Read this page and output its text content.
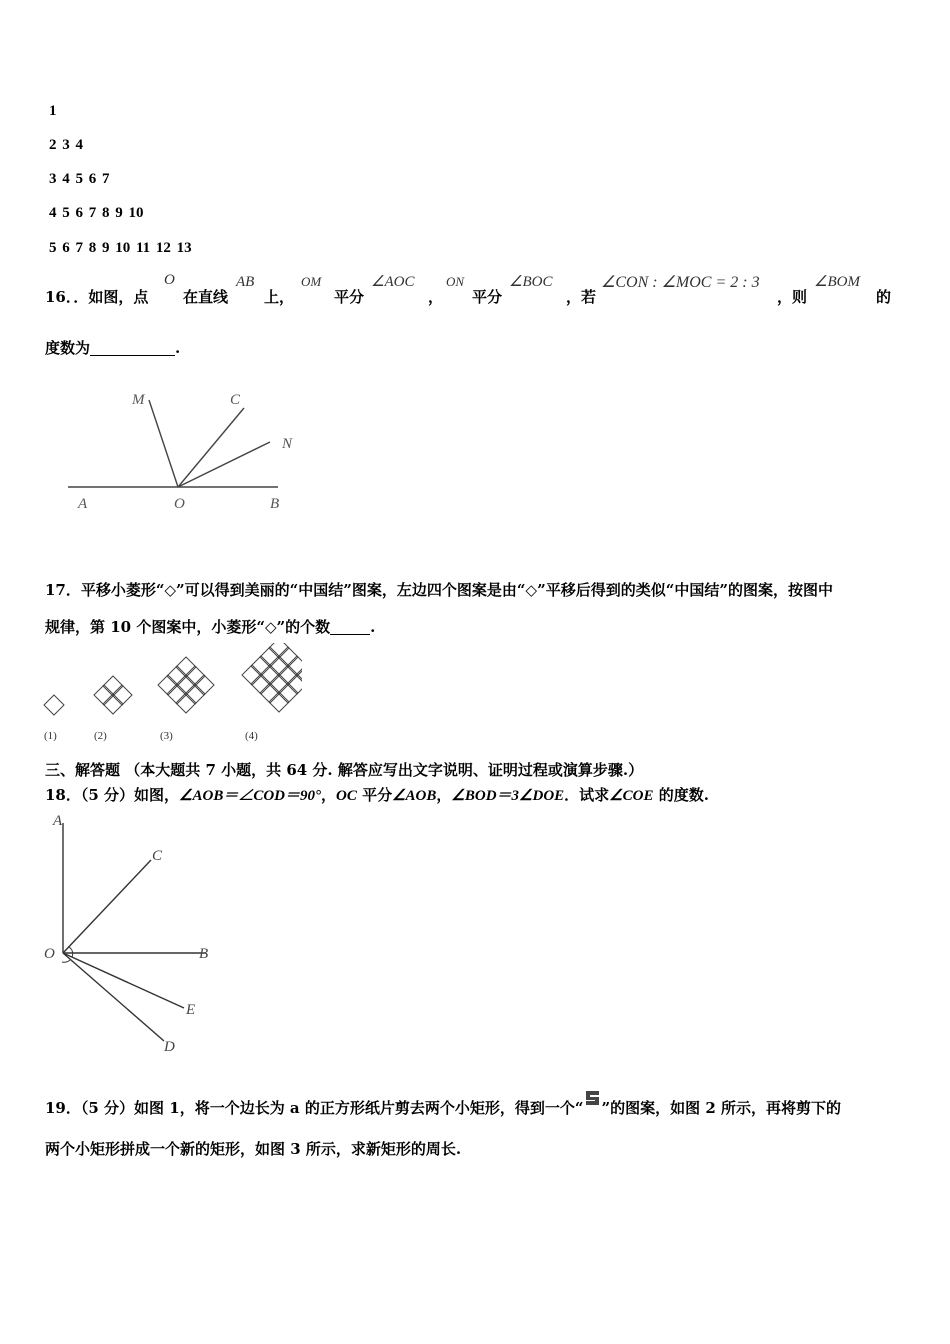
1
2 3 4
3 4 5 6 7
4 5 6 7 8 9 10
5 6 7 8 9 10 11 12 13
16．．如图，点
O
在直线
AB
上，
OM
平分
∠AOC
，
ON
平分
∠BOC
，若
∠CON : ∠MOC = 2 : 3
，则
∠BOM
的
度数为	.
M	C
N
A	O	B
17．平移小菱形“◇”可以得到美丽的“中国结”图案，左边四个图案是由“◇”平移后得到的类似“中国结”的图案，按图中
规律，第 10 个图案中，小菱形“◇”的个数	.
(1)	(2)	(3)	(4)
三、解答题 （本大题共 7 小题，共 64 分. 解答应写出文字说明、证明过程或演算步骤.）
18．（5 分）如图，∠AOB＝∠COD＝90°，OC 平分∠AOB，∠BOD＝3∠DOE．试求∠COE 的度数.
A
C
O	B
E
D
19．（5 分）如图 1，将一个边长为 a 的正方形纸片剪去两个小矩形，得到一个“ ”的图案，如图 2 所示，再将剪下的
两个小矩形拼成一个新的矩形，如图 3 所示，求新矩形的周长.
